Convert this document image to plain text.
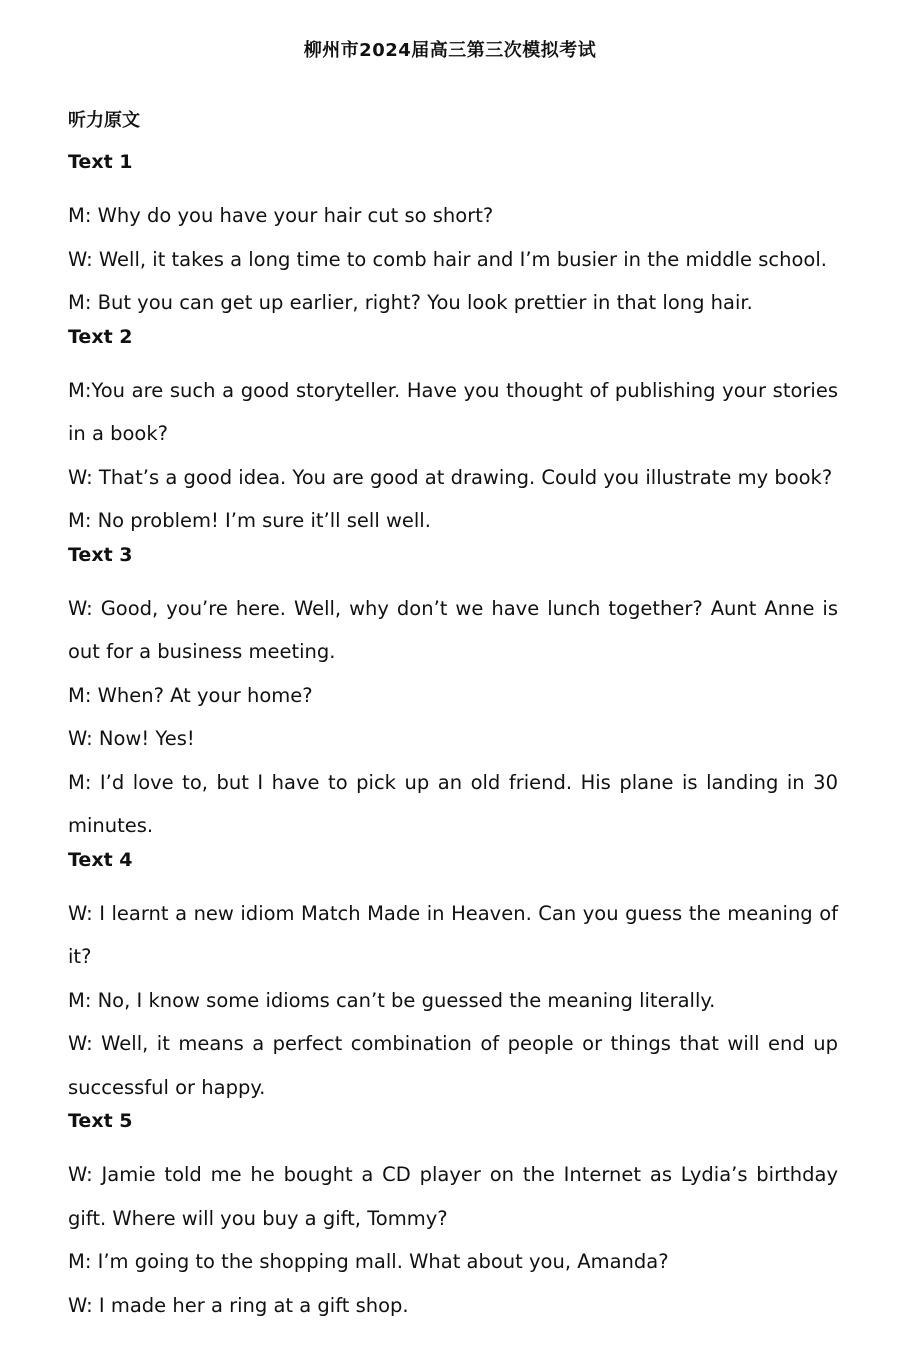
柳州市2024届高三第三次模拟考试
听力原文
Text 1

M: Why do you have your hair cut so short?

W: Well, it takes a long time to comb hair and I’m busier in the middle school.

M: But you can get up earlier, right? You look prettier in that long hair.

Text 2

M:You are such a good storyteller. Have you thought of publishing your stories in a book?

W: That’s a good idea. You are good at drawing. Could you illustrate my book?

M: No problem! I’m sure it’ll sell well.

Text 3

W: Good, you’re here. Well, why don’t we have lunch together? Aunt Anne is out for a business meeting.

M: When? At your home?

W: Now! Yes!

M: I’d love to, but I have to pick up an old friend. His plane is landing in 30 minutes.

Text 4

W: I learnt a new idiom Match Made in Heaven. Can you guess the meaning of it?

M: No, I know some idioms can’t be guessed the meaning literally.

W: Well, it means a perfect combination of people or things that will end up successful or happy.

Text 5

W: Jamie told me he bought a CD player on the Internet as Lydia’s birthday gift. Where will you buy a gift, Tommy?

M: I’m going to the shopping mall. What about you, Amanda?

W: I made her a ring at a gift shop.
